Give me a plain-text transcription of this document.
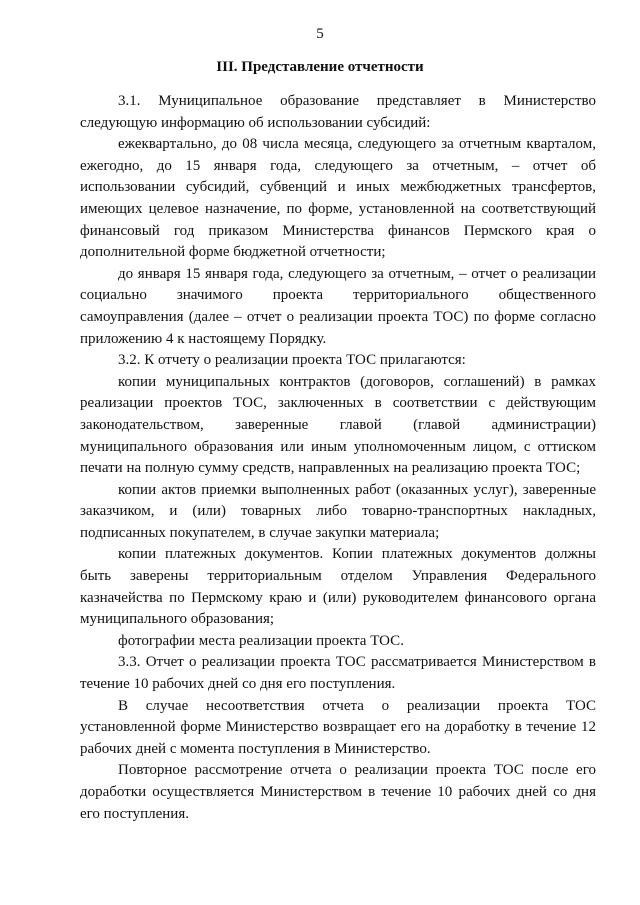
5
III. Представление отчетности

3.1. Муниципальное образование представляет в Министерство следующую информацию об использовании субсидий:

ежеквартально, до 08 числа месяца, следующего за отчетным кварталом, ежегодно, до 15 января года, следующего за отчетным, – отчет об использовании субсидий, субвенций и иных межбюджетных трансфертов, имеющих целевое назначение, по форме, установленной на соответствующий финансовый год приказом Министерства финансов Пермского края о дополнительной форме бюджетной отчетности;

до января 15 января года, следующего за отчетным, – отчет о реализации социально значимого проекта территориального общественного самоуправления (далее – отчет о реализации проекта ТОС) по форме согласно приложению 4 к настоящему Порядку.

3.2. К отчету о реализации проекта ТОС прилагаются:

копии муниципальных контрактов (договоров, соглашений) в рамках реализации проектов ТОС, заключенных в соответствии с действующим законодательством, заверенные главой (главой администрации) муниципального образования или иным уполномоченным лицом, с оттиском печати на полную сумму средств, направленных на реализацию проекта ТОС;

копии актов приемки выполненных работ (оказанных услуг), заверенные заказчиком, и (или) товарных либо товарно-транспортных накладных, подписанных покупателем, в случае закупки материала;

копии платежных документов. Копии платежных документов должны быть заверены территориальным отделом Управления Федерального казначейства по Пермскому краю и (или) руководителем финансового органа муниципального образования;

фотографии места реализации проекта ТОС.

3.3. Отчет о реализации проекта ТОС рассматривается Министерством в течение 10 рабочих дней со дня его поступления.

В случае несоответствия отчета о реализации проекта ТОС установленной форме Министерство возвращает его на доработку в течение 12 рабочих дней с момента поступления в Министерство.

Повторное рассмотрение отчета о реализации проекта ТОС после его доработки осуществляется Министерством в течение 10 рабочих дней со дня его поступления.
